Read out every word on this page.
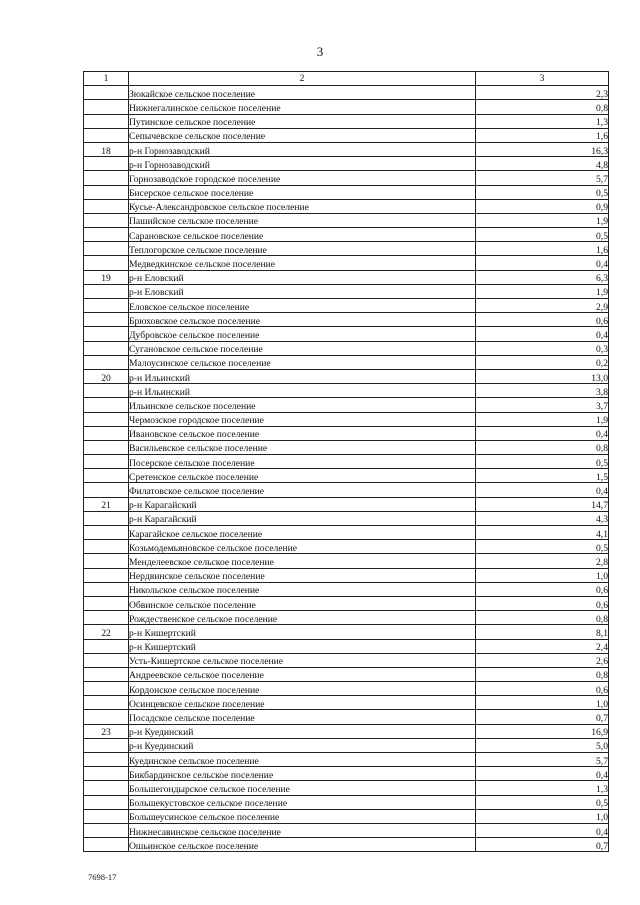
3
1	2	3
	Зюкайское сельское поселение	2,3
	Нижнегалинское сельское поселение	0,8
	Путинское сельское поселение	1,3
	Сепычевское сельское поселение	1,6
18	р-н Горнозаводский	16,3
	р-н Горнозаводский	4,8
	Горнозаводское городское поселение	5,7
	Бисерское сельское поселение	0,5
	Кусье-Александровское сельское поселение	0,9
	Пашийское сельское поселение	1,9
	Сарановское сельское поселение	0,5
	Теплогорское сельское поселение	1,6
	Медведкинское сельское поселение	0,4
19	р-н Еловский	6,3
	р-н Еловский	1,9
	Еловское сельское поселение	2,9
	Брюховское сельское поселение	0,6
	Дубровское сельское поселение	0,4
	Сугановское сельское поселение	0,3
	Малоусинское сельское поселение	0,2
20	р-н Ильинский	13,0
	р-н Ильинский	3,8
	Ильинское сельское поселение	3,7
	Чермозское городское поселение	1,9
	Ивановское сельское поселение	0,4
	Васильевское сельское поселение	0,8
	Посерское сельское поселение	0,5
	Сретенское сельское поселение	1,5
	Филатовское сельское поселение	0,4
21	р-н Карагайский	14,7
	р-н Карагайский	4,3
	Карагайское сельское поселение	4,1
	Козьмодемьяновское сельское поселение	0,5
	Менделеевское сельское поселение	2,8
	Нердвинское сельское поселение	1,0
	Никольское сельское поселение	0,6
	Обвинское сельское поселение	0,6
	Рождественское сельское поселение	0,8
22	р-н Кишертский	8,1
	р-н Кишертский	2,4
	Усть-Кишертское сельское поселение	2,6
	Андреевское сельское поселение	0,8
	Кордонское сельское поселение	0,6
	Осинцевское сельское поселение	1,0
	Посадское сельское поселение	0,7
23	р-н Куединский	16,9
	р-н Куединский	5,0
	Куединское сельское поселение	5,7
	Бикбардинское сельское поселение	0,4
	Большегондырское сельское поселение	1,3
	Большекустовское сельское поселение	0,5
	Большеусинское сельское поселение	1,0
	Нижнесавинское сельское поселение	0,4
	Ошьинское сельское поселение	0,7
7698-17
